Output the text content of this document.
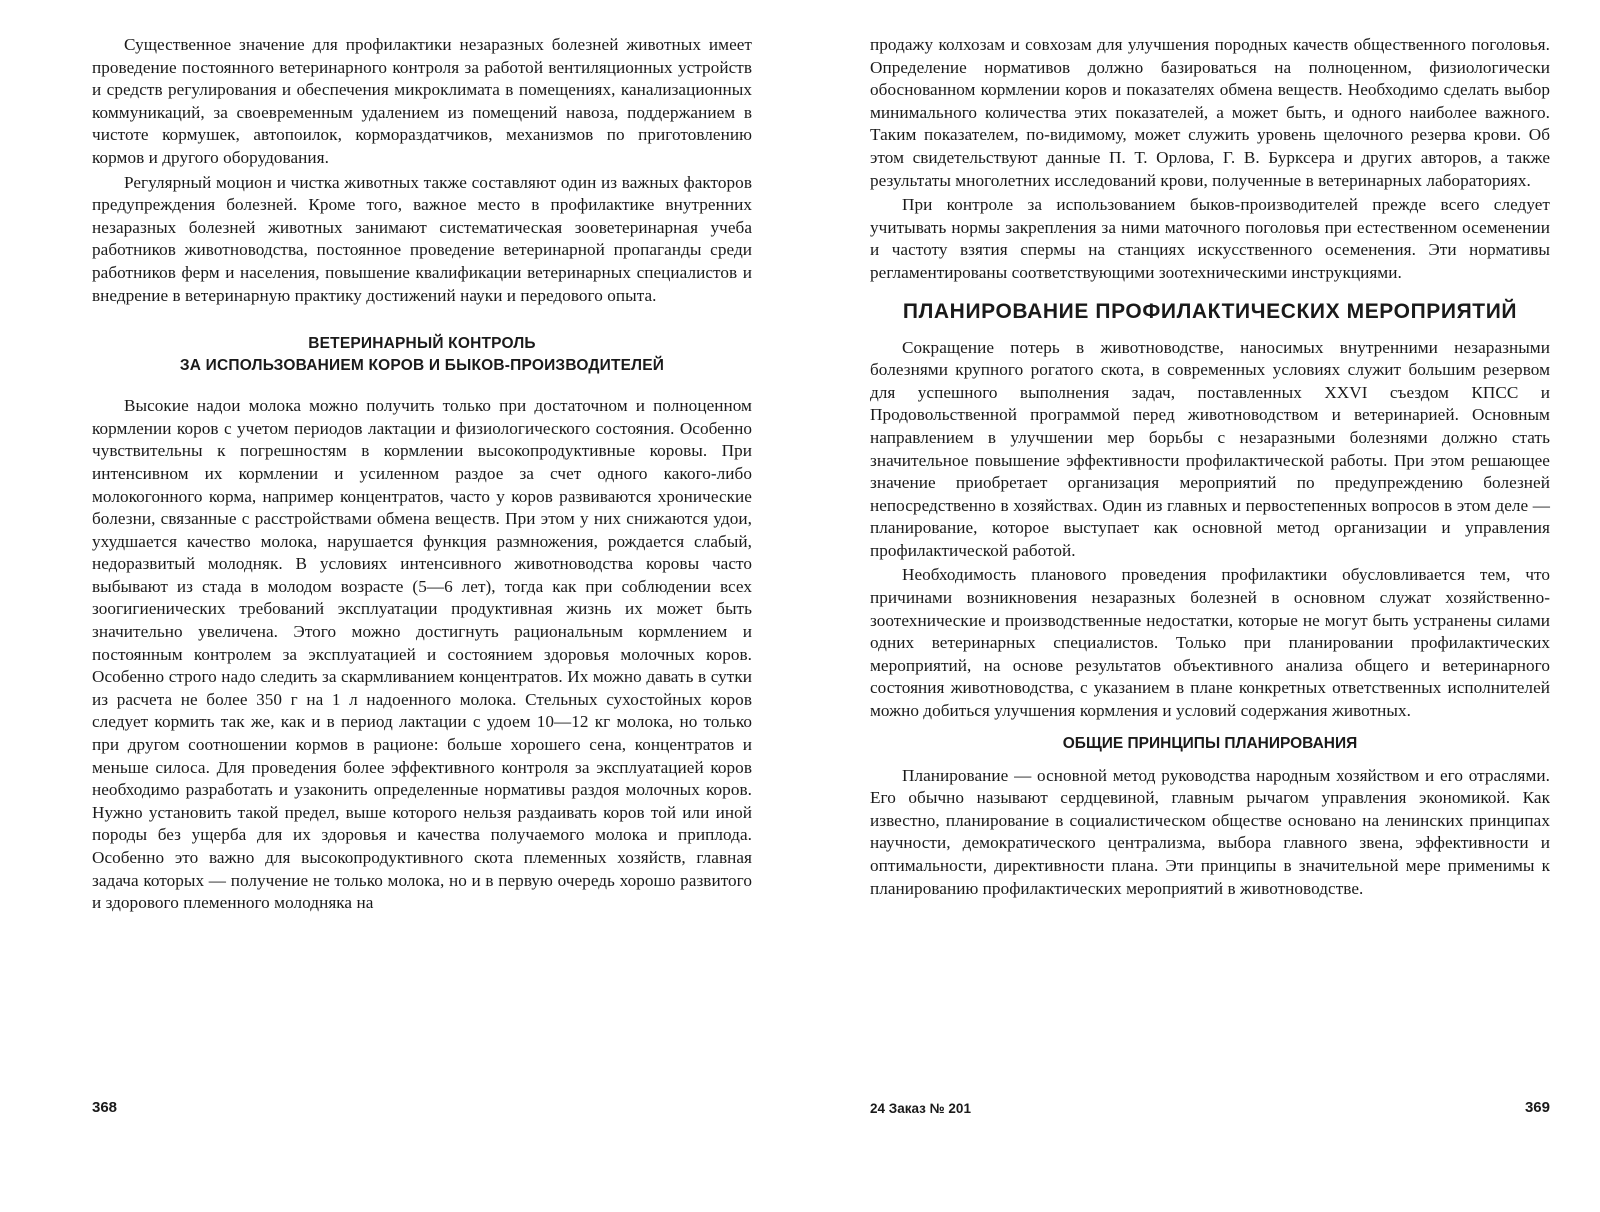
Существенное значение для профилактики незаразных болезней животных имеет проведение постоянного ветеринарного контроля за работой вентиляционных устройств и средств регулирования и обеспечения микроклимата в помещениях, канализационных коммуникаций, за своевременным удалением из помещений навоза, поддержанием в чистоте кормушек, автопоилок, кормораздатчиков, механизмов по приготовлению кормов и другого оборудования.

Регулярный моцион и чистка животных также составляют один из важных факторов предупреждения болезней. Кроме того, важное место в профилактике внутренних незаразных болезней животных занимают систематическая зооветеринарная учеба работников животноводства, постоянное проведение ветеринарной пропаганды среди работников ферм и населения, повышение квалификации ветеринарных специалистов и внедрение в ветеринарную практику достижений науки и передового опыта.

ВЕТЕРИНАРНЫЙ КОНТРОЛЬ
ЗА ИСПОЛЬЗОВАНИЕМ КОРОВ И БЫКОВ-ПРОИЗВОДИТЕЛЕЙ

Высокие надои молока можно получить только при достаточном и полноценном кормлении коров с учетом периодов лактации и физиологического состояния. Особенно чувствительны к погрешностям в кормлении высокопродуктивные коровы. При интенсивном их кормлении и усиленном раздое за счет одного какого-либо молокогонного корма, например концентратов, часто у коров развиваются хронические болезни, связанные с расстройствами обмена веществ. При этом у них снижаются удои, ухудшается качество молока, нарушается функция размножения, рождается слабый, недоразвитый молодняк. В условиях интенсивного животноводства коровы часто выбывают из стада в молодом возрасте (5—6 лет), тогда как при соблюдении всех зоогигиенических требований эксплуатации продуктивная жизнь их может быть значительно увеличена. Этого можно достигнуть рациональным кормлением и постоянным контролем за эксплуатацией и состоянием здоровья молочных коров. Особенно строго надо следить за скармливанием концентратов. Их можно давать в сутки из расчета не более 350 г на 1 л надоенного молока. Стельных сухостойных коров следует кормить так же, как и в период лактации с удоем 10—12 кг молока, но только при другом соотношении кормов в рационе: больше хорошего сена, концентратов и меньше силоса. Для проведения более эффективного контроля за эксплуатацией коров необходимо разработать и узаконить определенные нормативы раздоя молочных коров. Нужно установить такой предел, выше которого нельзя раздаивать коров той или иной породы без ущерба для их здоровья и качества получаемого молока и приплода. Особенно это важно для высокопродуктивного скота племенных хозяйств, главная задача которых — получение не только молока, но и в первую очередь хорошо развитого и здорового племенного молодняка на

368

продажу колхозам и совхозам для улучшения породных качеств общественного поголовья. Определение нормативов должно базироваться на полноценном, физиологически обоснованном кормлении коров и показателях обмена веществ. Необходимо сделать выбор минимального количества этих показателей, а может быть, и одного наиболее важного. Таким показателем, по-видимому, может служить уровень щелочного резерва крови. Об этом свидетельствуют данные П. Т. Орлова, Г. В. Бурксера и других авторов, а также результаты многолетних исследований крови, полученные в ветеринарных лабораториях.

При контроле за использованием быков-производителей прежде всего следует учитывать нормы закрепления за ними маточного поголовья при естественном осеменении и частоту взятия спермы на станциях искусственного осеменения. Эти нормативы регламентированы соответствующими зоотехническими инструкциями.

ПЛАНИРОВАНИЕ ПРОФИЛАКТИЧЕСКИХ МЕРОПРИЯТИЙ

Сокращение потерь в животноводстве, наносимых внутренними незаразными болезнями крупного рогатого скота, в современных условиях служит большим резервом для успешного выполнения задач, поставленных XXVI съездом КПСС и Продовольственной программой перед животноводством и ветеринарией. Основным направлением в улучшении мер борьбы с незаразными болезнями должно стать значительное повышение эффективности профилактической работы. При этом решающее значение приобретает организация мероприятий по предупреждению болезней непосредственно в хозяйствах. Один из главных и первостепенных вопросов в этом деле — планирование, которое выступает как основной метод организации и управления профилактической работой.

Необходимость планового проведения профилактики обусловливается тем, что причинами возникновения незаразных болезней в основном служат хозяйственно-зоотехнические и производственные недостатки, которые не могут быть устранены силами одних ветеринарных специалистов. Только при планировании профилактических мероприятий, на основе результатов объективного анализа общего и ветеринарного состояния животноводства, с указанием в плане конкретных ответственных исполнителей можно добиться улучшения кормления и условий содержания животных.

ОБЩИЕ ПРИНЦИПЫ ПЛАНИРОВАНИЯ

Планирование — основной метод руководства народным хозяйством и его отраслями. Его обычно называют сердцевиной, главным рычагом управления экономикой. Как известно, планирование в социалистическом обществе основано на ленинских принципах научности, демократического централизма, выбора главного звена, эффективности и оптимальности, директивности плана. Эти принципы в значительной мере применимы к планированию профилактических мероприятий в животноводстве.

24 Заказ № 201	369
